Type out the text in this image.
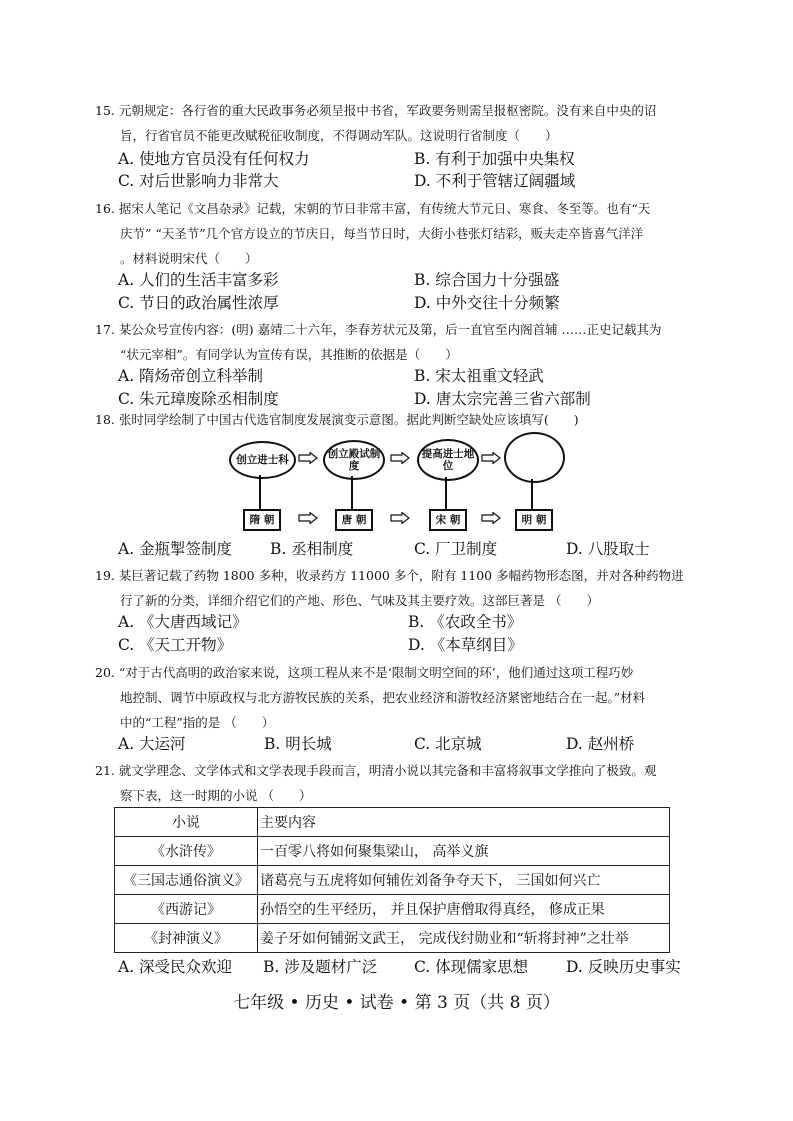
15. 元朝规定：各行省的重大民政事务必须呈报中书省，军政要务则需呈报枢密院。没有来自中央的诏
旨，行省官员不能更改赋税征收制度，不得调动军队。这说明行省制度（　　）
A. 使地方官员没有任何权力	B. 有利于加强中央集权
C. 对后世影响力非常大	D. 不利于管辖辽阔疆域
16. 据宋人笔记《文昌杂录》记载，宋朝的节日非常丰富，有传统大节元日、寒食、冬至等。也有“天
庆节” “天圣节”几个官方设立的节庆日，每当节日时，大街小巷张灯结彩，贩夫走卒皆喜气洋洋
。材料说明宋代（　　）
A. 人们的生活丰富多彩	B. 综合国力十分强盛
C. 节日的政治属性浓厚	D. 中外交往十分频繁
17. 某公众号宣传内容：(明) 嘉靖二十六年，李春芳状元及第，后一直官至内阁首辅 ……正史记载其为
“状元宰相”。有同学认为宣传有误，其推断的依据是（　　）
A. 隋炀帝创立科举制	B. 宋太祖重文轻武
C. 朱元璋废除丞相制度	D. 唐太宗完善三省六部制
18. 张时同学绘制了中国古代选官制度发展演变示意图。据此判断空缺处应该填写(　　)
创立进士科	创立殿试制度
提高进士地位
隋 朝	唐 朝	宋 朝	明 朝
A. 金瓶掣签制度 B. 丞相制度	C. 厂卫制度	D. 八股取士
19. 某巨著记载了药物 1800 多种，收录药方 11000 多个，附有 1100 多幅药物形态图，并对各种药物进
行了新的分类，详细介绍它们的产地、形色、气味及其主要疗效。这部巨著是 （　　）
A. 《大唐西域记》	B. 《农政全书》
C. 《天工开物》	D. 《本草纲目》
20. “对于古代高明的政治家来说，这项工程从来不是‘限制文明空间的环’，他们通过这项工程巧妙
地控制、调节中原政权与北方游牧民族的关系，把农业经济和游牧经济紧密地结合在一起。”材料
中的“工程”指的是 （　　）
A. 大运河	B. 明长城	C. 北京城	D. 赵州桥
21. 就文学理念、文学体式和文学表现手段而言，明清小说以其完备和丰富将叙事文学推向了极致。观
察下表，这一时期的小说 （　　）
小说	主要内容
《水浒传》	一百零八将如何聚集梁山， 高举义旗
《三国志通俗演义》	诸葛亮与五虎将如何辅佐刘备争夺天下， 三国如何兴亡
《西游记》	孙悟空的生平经历， 并且保护唐僧取得真经， 修成正果
《封神演义》	姜子牙如何铺弼文武王， 完成伐纣勋业和“斩将封神”之壮举
A. 深受民众欢迎 B. 涉及题材广泛 C. 体现儒家思想 D. 反映历史事实
七年级 • 历史 • 试卷 • 第 3 页（共 8 页）
